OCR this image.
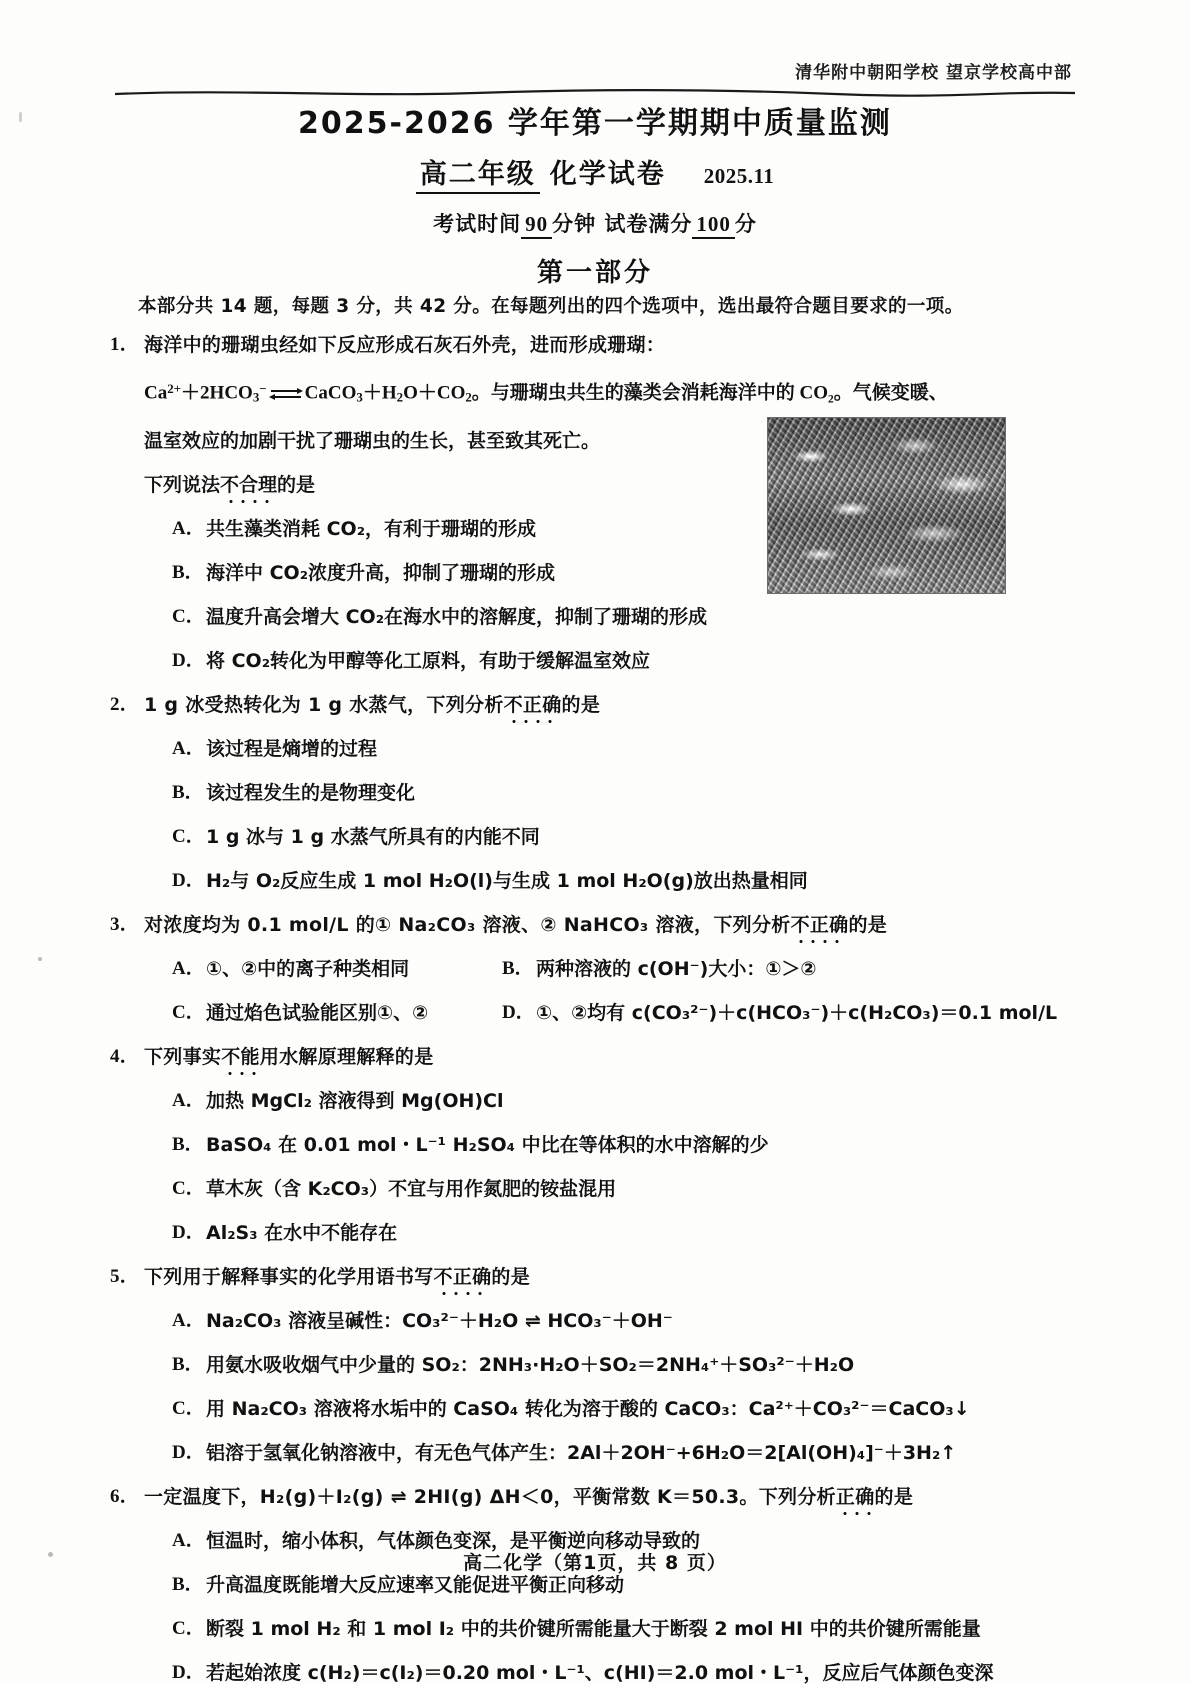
清华附中朝阳学校 望京学校高中部
2025-2026 学年第一学期期中质量监测
高二年级 化学试卷 2025.11
考试时间 90 分钟 试卷满分 100 分
第一部分

本部分共 14 题，每题 3 分，共 42 分。在每题列出的四个选项中，选出最符合题目要求的一项。

1． 海洋中的珊瑚虫经如下反应形成石灰石外壳，进而形成珊瑚：
$Ca^{2+}+2HCO_3^-$ $CaCO_3+H_2O+CO_2$。与珊瑚虫共生的藻类会消耗海洋中的 CO₂。气候变暖、
温室效应的加剧干扰了珊瑚虫的生长，甚至致其死亡。
下列说法不合理的是
A． 共生藻类消耗 CO₂，有利于珊瑚的形成
B． 海洋中 CO₂浓度升高，抑制了珊瑚的形成
C． 温度升高会增大 CO₂在海水中的溶解度，抑制了珊瑚的形成
D． 将 CO₂转化为甲醇等化工原料，有助于缓解温室效应
2． 1 g 冰受热转化为 1 g 水蒸气，下列分析不正确的是
A． 该过程是熵增的过程
B． 该过程发生的是物理变化
C． 1 g 冰与 1 g 水蒸气所具有的内能不同
D． H₂与 O₂反应生成 1 mol H₂O(l)与生成 1 mol H₂O(g)放出热量相同
3． 对浓度均为 0.1 mol/L 的① Na₂CO₃ 溶液、② NaHCO₃ 溶液，下列分析不正确的是
A． ①、②中的离子种类相同	B． 两种溶液的 c(OH⁻)大小：①＞②
C． 通过焰色试验能区别①、②	D． ①、②均有 c(CO₃²⁻)＋c(HCO₃⁻)＋c(H₂CO₃)＝0.1 mol/L
4． 下列事实不能用水解原理解释的是
A． 加热 MgCl₂ 溶液得到 Mg(OH)Cl
B． BaSO₄ 在 0.01 mol・L⁻¹ H₂SO₄ 中比在等体积的水中溶解的少
C． 草木灰（含 K₂CO₃）不宜与用作氮肥的铵盐混用
D． Al₂S₃ 在水中不能存在
5． 下列用于解释事实的化学用语书写不正确的是
A． Na₂CO₃ 溶液呈碱性：CO₃²⁻＋H₂O ⇌ HCO₃⁻＋OH⁻
B． 用氨水吸收烟气中少量的 SO₂：2NH₃·H₂O＋SO₂＝2NH₄⁺＋SO₃²⁻＋H₂O
C． 用 Na₂CO₃ 溶液将水垢中的 CaSO₄ 转化为溶于酸的 CaCO₃：Ca²⁺＋CO₃²⁻＝CaCO₃↓
D． 铝溶于氢氧化钠溶液中，有无色气体产生：2Al＋2OH⁻+6H₂O＝2[Al(OH)₄]⁻＋3H₂↑
6． 一定温度下，H₂(g)＋I₂(g) ⇌ 2HI(g) ΔH＜0，平衡常数 K＝50.3。下列分析正确的是
A． 恒温时，缩小体积，气体颜色变深，是平衡逆向移动导致的
B． 升高温度既能增大反应速率又能促进平衡正向移动
C． 断裂 1 mol H₂ 和 1 mol I₂ 中的共价键所需能量大于断裂 2 mol HI 中的共价键所需能量
D． 若起始浓度 c(H₂)＝c(I₂)＝0.20 mol・L⁻¹、c(HI)＝2.0 mol・L⁻¹，反应后气体颜色变深
高二化学（第1页，共 8 页）
